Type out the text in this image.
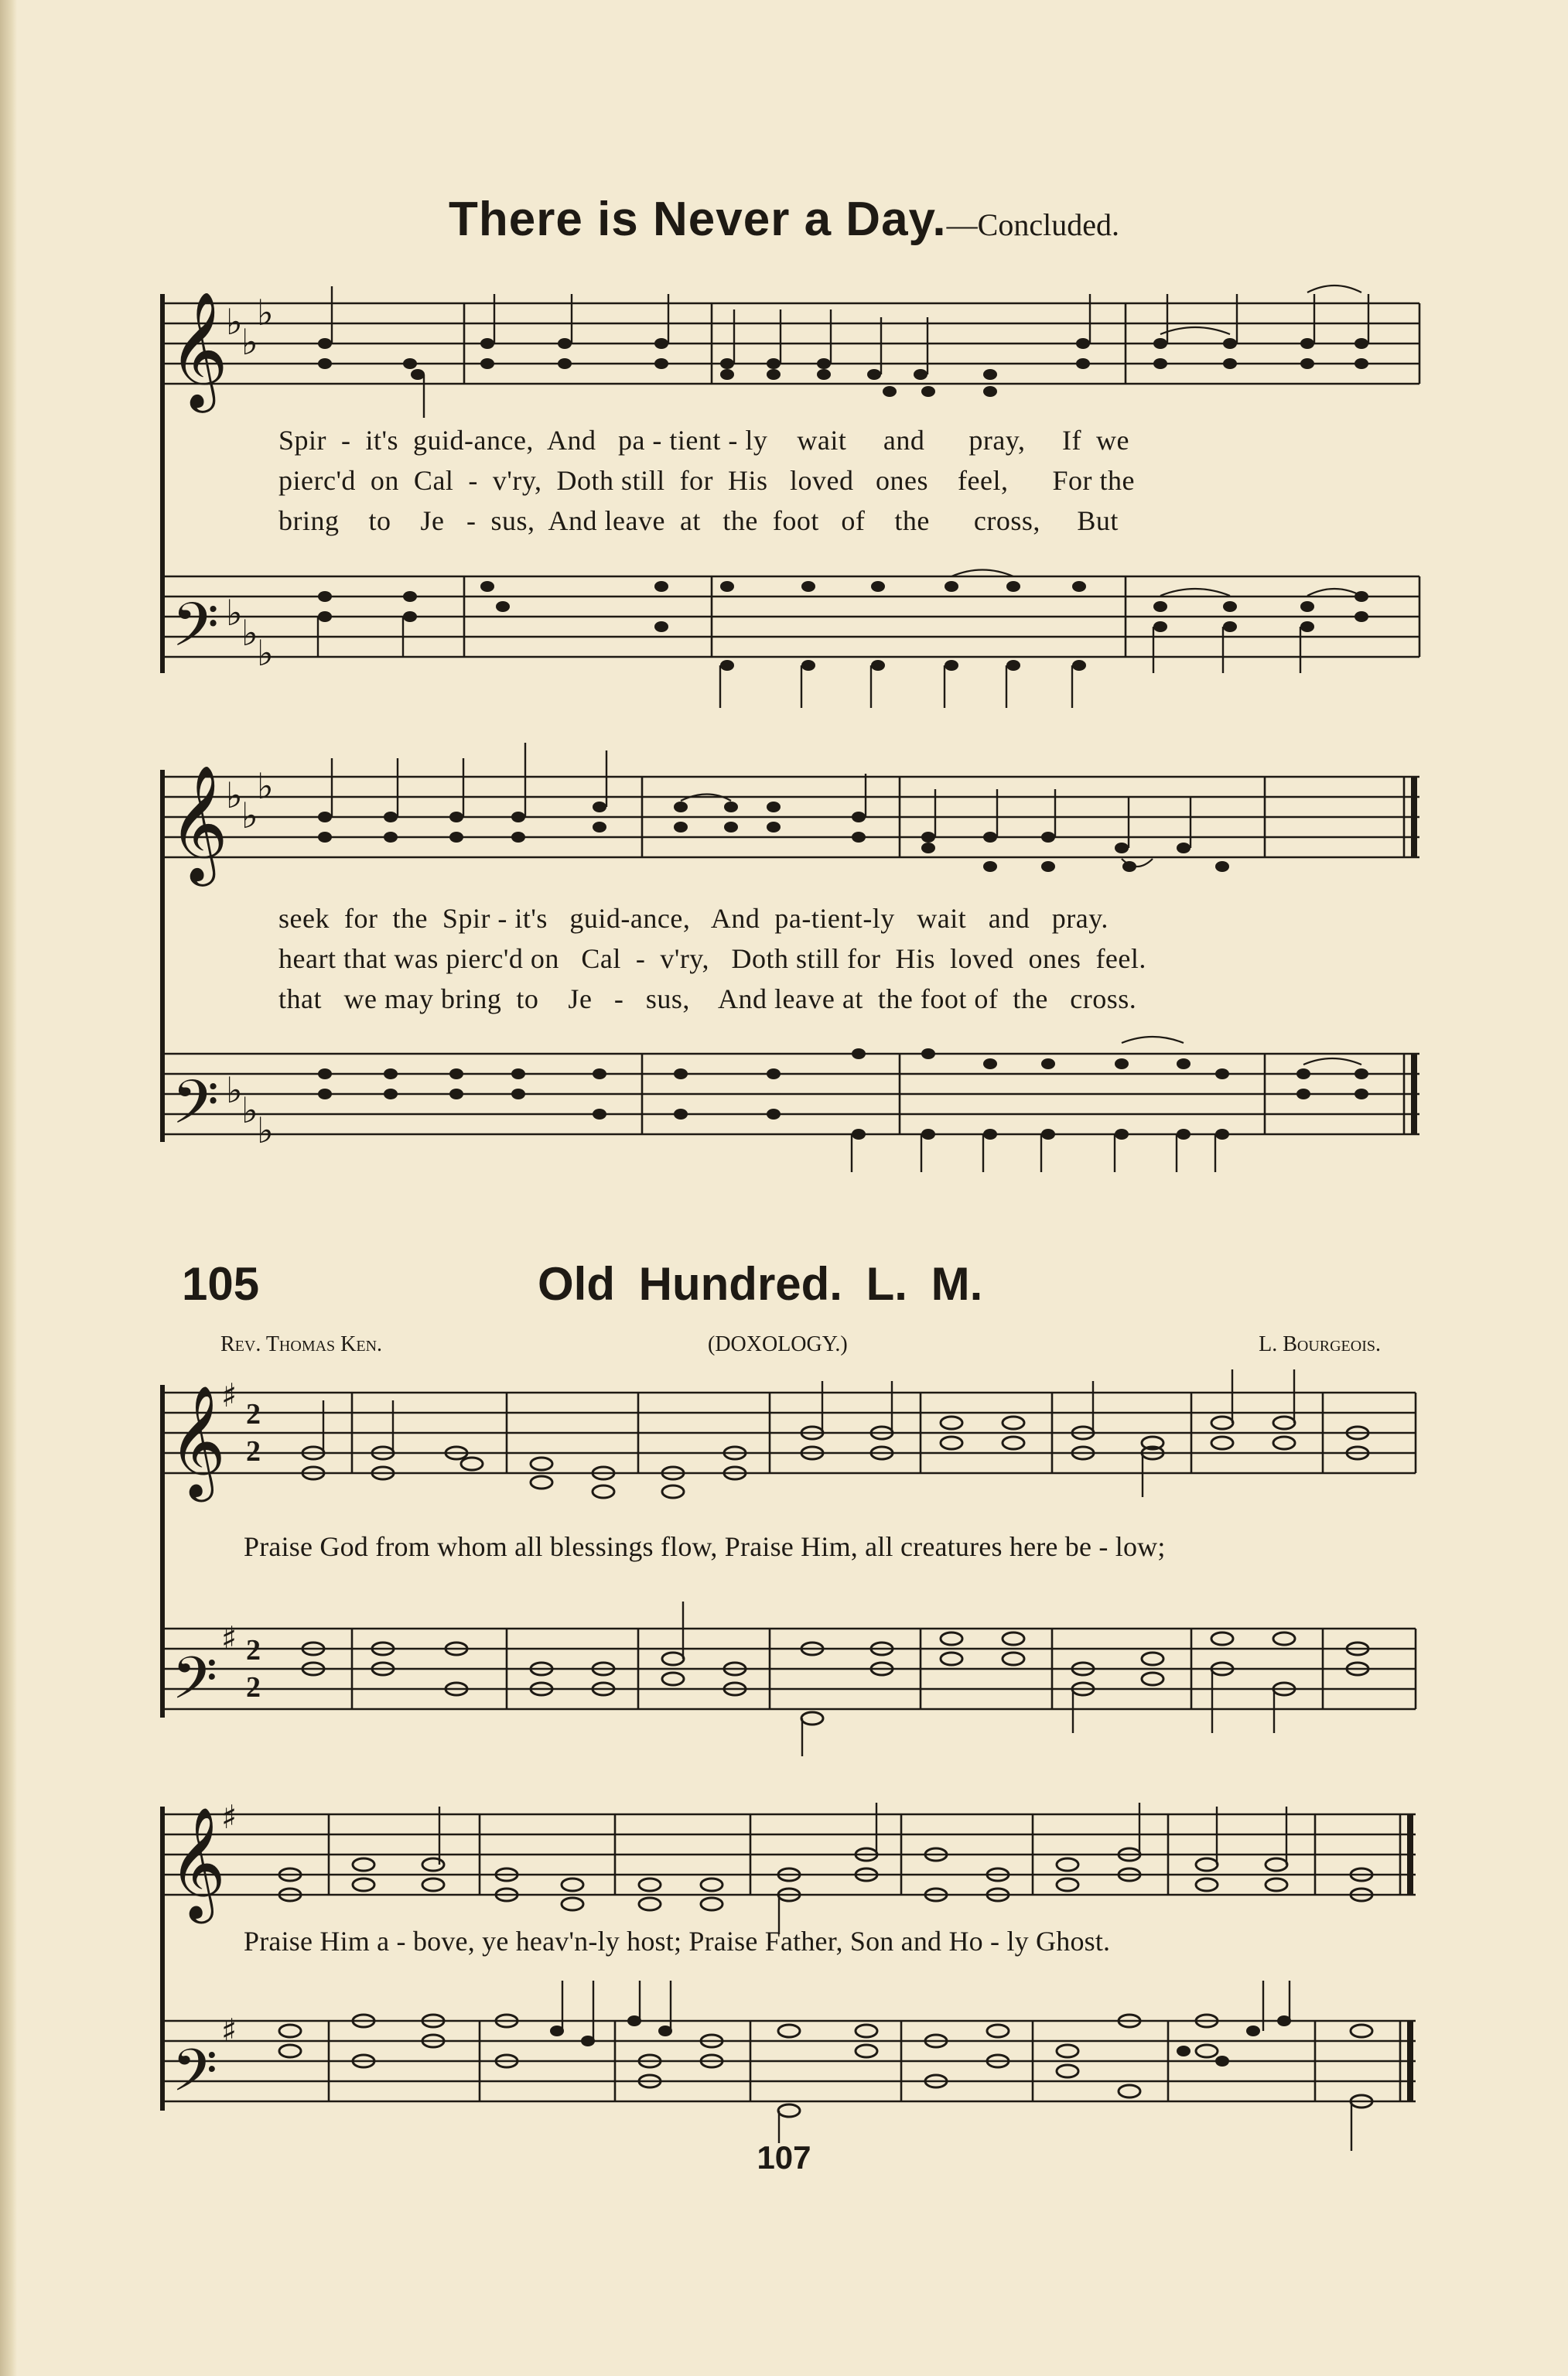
There is Never a Day.—Concluded.
𝄞
𝄢
♭
♭
♭
♭
♭
♭
𝄞
𝄢
♭
♭
♭
♭
♭
♭
𝄞
𝄢
♯
♯
2
2
2
2
𝄞
𝄢
♯
♯
Spir  -  it's  guid-ance,  And   pa - tient - ly    wait     and      pray,     If  we
pierc'd  on  Cal  -  v'ry,  Doth still  for  His   loved   ones    feel,      For the
bring    to    Je   -  sus,  And leave  at   the  foot   of    the      cross,     But
seek  for  the  Spir - it's   guid-ance,   And  pa-tient-ly   wait   and   pray.
heart that was pierc'd on   Cal  -  v'ry,   Doth still for  His  loved  ones  feel.
that   we may bring  to    Je   -   sus,    And leave at  the foot of  the   cross.
105	Old Hundred. L. M.
Rev. Thomas Ken.	(DOXOLOGY.)	L. Bourgeois.
Praise God from whom all blessings flow, Praise Him, all creatures here be - low;
Praise Him a - bove, ye heav'n-ly host; Praise Father, Son and Ho - ly Ghost.
107
